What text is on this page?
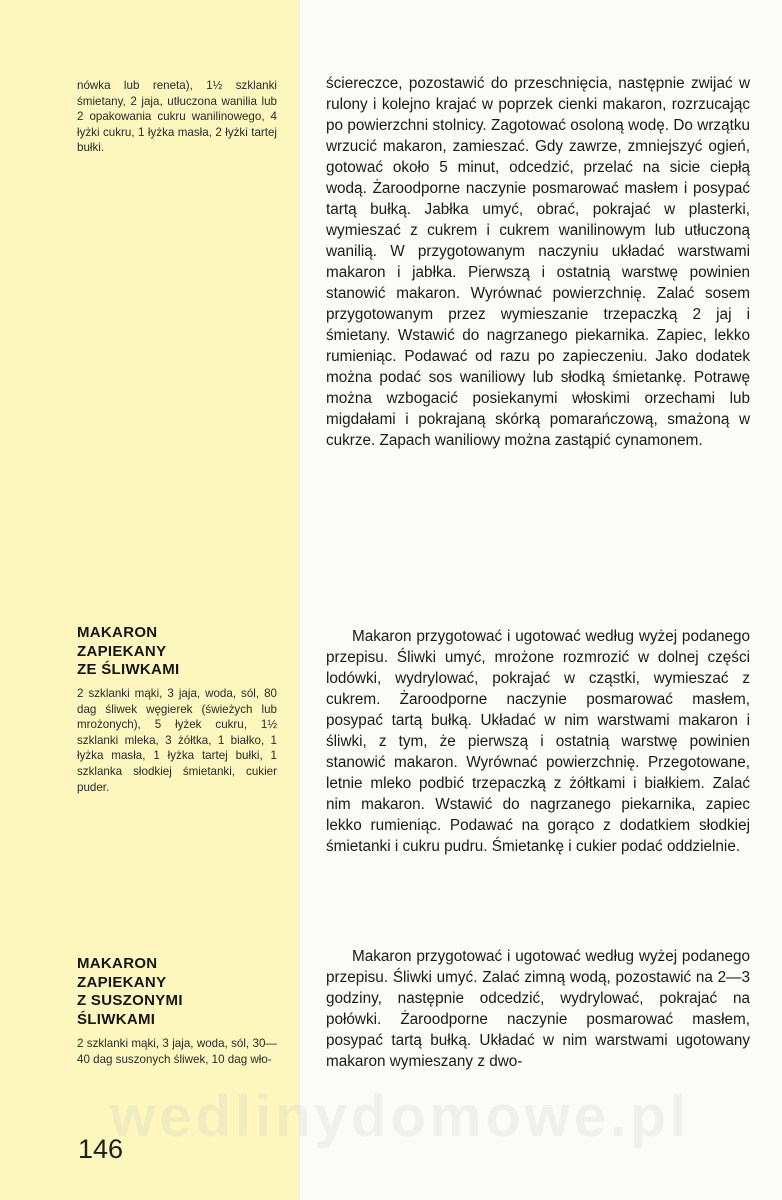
nówka lub reneta), 1½ szklanki śmietany, 2 jaja, utłuczona wanilia lub 2 opakowania cukru wanilinowego, 4 łyżki cukru, 1 łyżka masła, 2 łyżki tartej bułki.
ściereczce, pozostawić do przeschnięcia, następnie zwijać w rulony i kolejno krajać w poprzek cienki makaron, rozrzucając po powierzchni stolnicy. Zagotować osoloną wodę. Do wrzątku wrzucić makaron, zamieszać. Gdy zawrze, zmniejszyć ogień, gotować około 5 minut, odcedzić, przelać na sicie ciepłą wodą. Żaroodporne naczynie posmarować masłem i posypać tartą bułką. Jabłka umyć, obrać, pokrajać w plasterki, wymieszać z cukrem i cukrem wanilinowym lub utłuczoną wanilią. W przygotowanym naczyniu układać warstwami makaron i jabłka. Pierwszą i ostatnią warstwę powinien stanowić makaron. Wyrównać powierzchnię. Zalać sosem przygotowanym przez wymieszanie trzepaczką 2 jaj i śmietany. Wstawić do nagrzanego piekarnika. Zapiec, lekko rumieniąc. Podawać od razu po zapieczeniu. Jako dodatek można podać sos waniliowy lub słodką śmietankę. Potrawę można wzbogacić posiekanymi włoskimi orzechami lub migdałami i pokrajaną skórką pomarańczową, smażoną w cukrze. Zapach waniliowy można zastąpić cynamonem.
MAKARON
ZAPIEKANY
ZE ŚLIWKAMI
2 szklanki mąki, 3 jaja, woda, sól, 80 dag śliwek węgierek (świeżych lub mrożonych), 5 łyżek cukru, 1½ szklanki mleka, 3 żółtka, 1 białko, 1 łyżka masła, 1 łyżka tartej bułki, 1 szklanka słodkiej śmietanki, cukier puder.
Makaron przygotować i ugotować według wyżej podanego przepisu. Śliwki umyć, mrożone rozmrozić w dolnej części lodówki, wydrylować, pokrajać w cząstki, wymieszać z cukrem. Żaroodporne naczynie posmarować masłem, posypać tartą bułką. Układać w nim warstwami makaron i śliwki, z tym, że pierwszą i ostatnią warstwę powinien stanowić makaron. Wyrównać powierzchnię. Przegotowane, letnie mleko podbić trzepaczką z żółtkami i białkiem. Zalać nim makaron. Wstawić do nagrzanego piekarnika, zapiec lekko rumieniąc. Podawać na gorąco z dodatkiem słodkiej śmietanki i cukru pudru. Śmietankę i cukier podać oddzielnie.
MAKARON
ZAPIEKANY
Z SUSZONYMI
ŚLIWKAMI
2 szklanki mąki, 3 jaja, woda, sól, 30—40 dag suszonych śliwek, 10 dag wło-
Makaron przygotować i ugotować według wyżej podanego przepisu. Śliwki umyć. Zalać zimną wodą, pozostawić na 2—3 godziny, następnie odcedzić, wydrylować, pokrajać na połówki. Żaroodporne naczynie posmarować masłem, posypać tartą bułką. Układać w nim warstwami ugotowany makaron wymieszany z dwo-
wedlinydomowe.pl
146
